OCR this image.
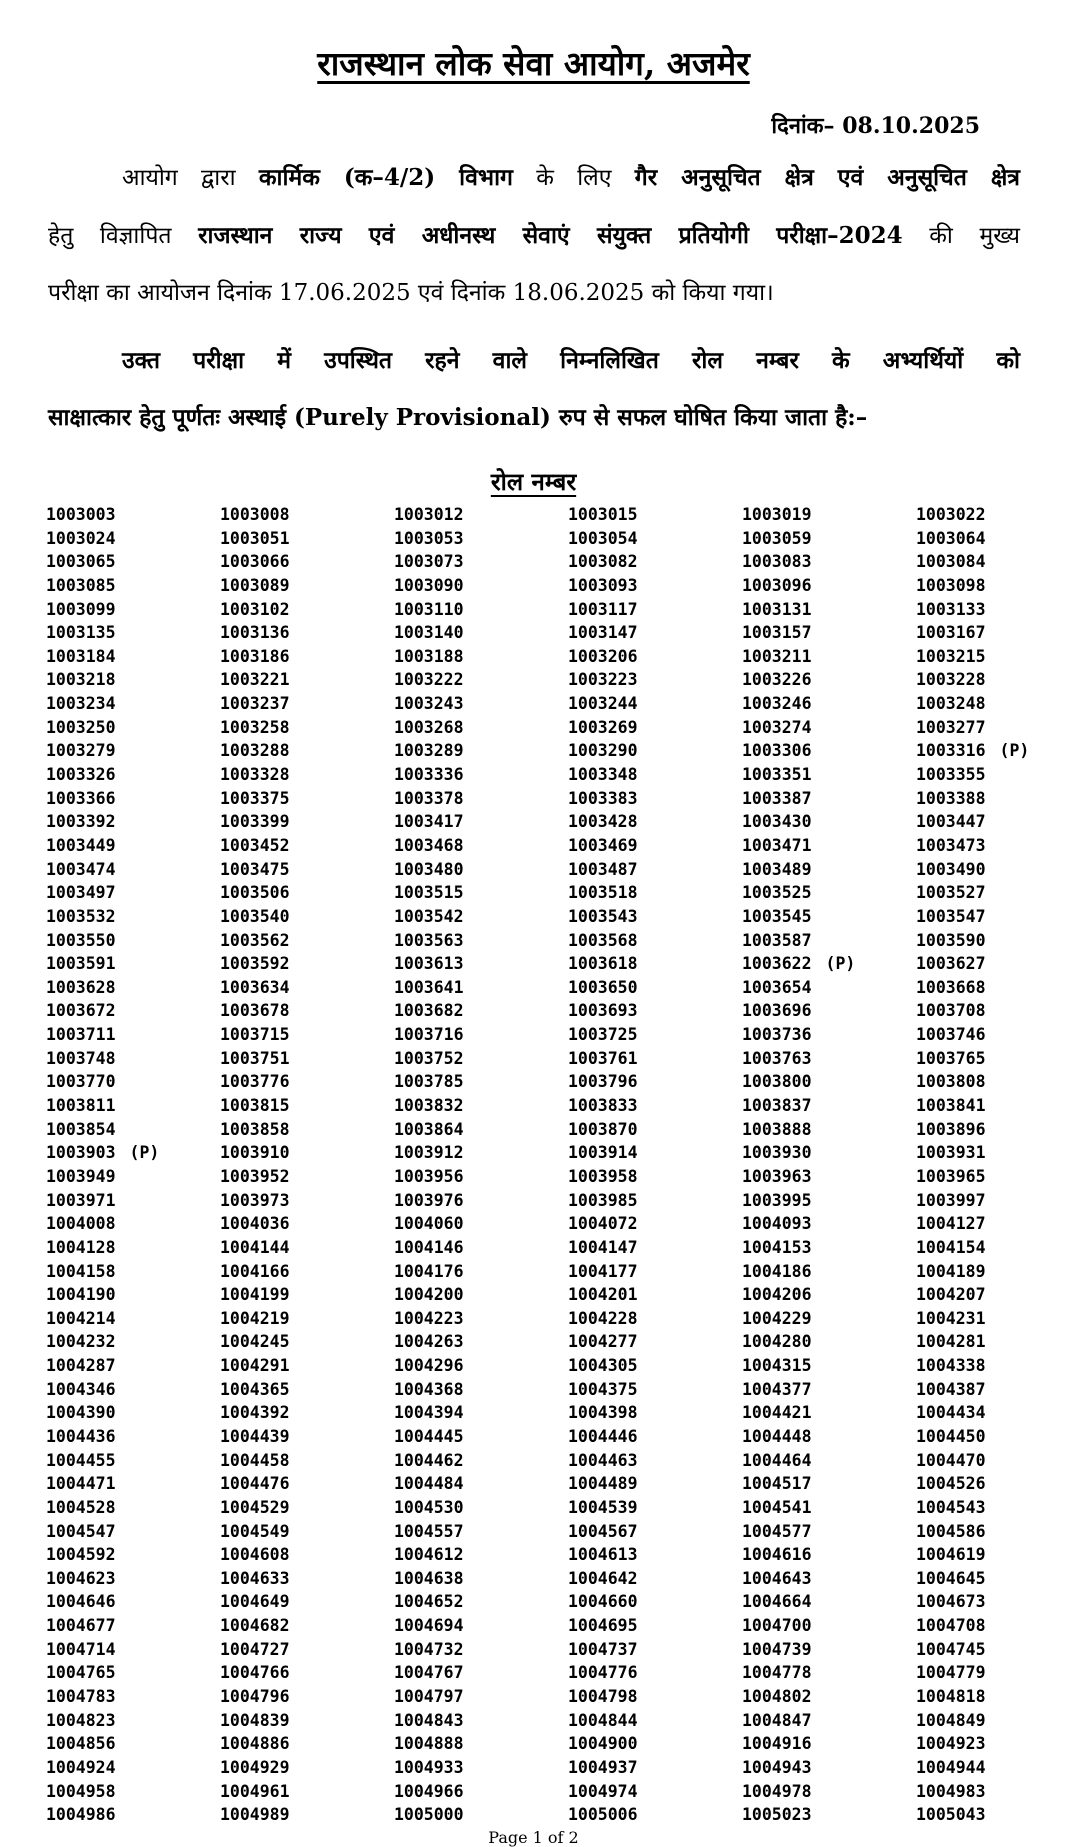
राजस्थान लोक सेवा आयोग, अजमेर
दिनांक– 08.10.2025
आयोग द्वारा कार्मिक (क–4/2) विभाग के लिए गैर अनुसूचित क्षेत्र एवं अनुसूचित क्षेत्र
हेतु विज्ञापित राजस्थान राज्य एवं अधीनस्थ सेवाएं संयुक्त प्रतियोगी परीक्षा–2024 की मुख्य
परीक्षा का आयोजन दिनांक 17.06.2025 एवं दिनांक 18.06.2025 को किया गया।
उक्त परीक्षा में उपस्थित रहने वाले निम्नलिखित रोल नम्बर के अभ्यर्थियों को
साक्षात्कार हेतु पूर्णतः अस्थाई (Purely Provisional) रुप से सफल घोषित किया जाता है:–
रोल नम्बर
1003003	1003008	1003012	1003015	1003019	1003022
1003024	1003051	1003053	1003054	1003059	1003064
1003065	1003066	1003073	1003082	1003083	1003084
1003085	1003089	1003090	1003093	1003096	1003098
1003099	1003102	1003110	1003117	1003131	1003133
1003135	1003136	1003140	1003147	1003157	1003167
1003184	1003186	1003188	1003206	1003211	1003215
1003218	1003221	1003222	1003223	1003226	1003228
1003234	1003237	1003243	1003244	1003246	1003248
1003250	1003258	1003268	1003269	1003274	1003277
1003279	1003288	1003289	1003290	1003306	1003316 (P)
1003326	1003328	1003336	1003348	1003351	1003355
1003366	1003375	1003378	1003383	1003387	1003388
1003392	1003399	1003417	1003428	1003430	1003447
1003449	1003452	1003468	1003469	1003471	1003473
1003474	1003475	1003480	1003487	1003489	1003490
1003497	1003506	1003515	1003518	1003525	1003527
1003532	1003540	1003542	1003543	1003545	1003547
1003550	1003562	1003563	1003568	1003587	1003590
1003591	1003592	1003613	1003618	1003622 (P)	1003627
1003628	1003634	1003641	1003650	1003654	1003668
1003672	1003678	1003682	1003693	1003696	1003708
1003711	1003715	1003716	1003725	1003736	1003746
1003748	1003751	1003752	1003761	1003763	1003765
1003770	1003776	1003785	1003796	1003800	1003808
1003811	1003815	1003832	1003833	1003837	1003841
1003854	1003858	1003864	1003870	1003888	1003896
1003903 (P)	1003910	1003912	1003914	1003930	1003931
1003949	1003952	1003956	1003958	1003963	1003965
1003971	1003973	1003976	1003985	1003995	1003997
1004008	1004036	1004060	1004072	1004093	1004127
1004128	1004144	1004146	1004147	1004153	1004154
1004158	1004166	1004176	1004177	1004186	1004189
1004190	1004199	1004200	1004201	1004206	1004207
1004214	1004219	1004223	1004228	1004229	1004231
1004232	1004245	1004263	1004277	1004280	1004281
1004287	1004291	1004296	1004305	1004315	1004338
1004346	1004365	1004368	1004375	1004377	1004387
1004390	1004392	1004394	1004398	1004421	1004434
1004436	1004439	1004445	1004446	1004448	1004450
1004455	1004458	1004462	1004463	1004464	1004470
1004471	1004476	1004484	1004489	1004517	1004526
1004528	1004529	1004530	1004539	1004541	1004543
1004547	1004549	1004557	1004567	1004577	1004586
1004592	1004608	1004612	1004613	1004616	1004619
1004623	1004633	1004638	1004642	1004643	1004645
1004646	1004649	1004652	1004660	1004664	1004673
1004677	1004682	1004694	1004695	1004700	1004708
1004714	1004727	1004732	1004737	1004739	1004745
1004765	1004766	1004767	1004776	1004778	1004779
1004783	1004796	1004797	1004798	1004802	1004818
1004823	1004839	1004843	1004844	1004847	1004849
1004856	1004886	1004888	1004900	1004916	1004923
1004924	1004929	1004933	1004937	1004943	1004944
1004958	1004961	1004966	1004974	1004978	1004983
1004986	1004989	1005000	1005006	1005023	1005043
Page 1 of 2
